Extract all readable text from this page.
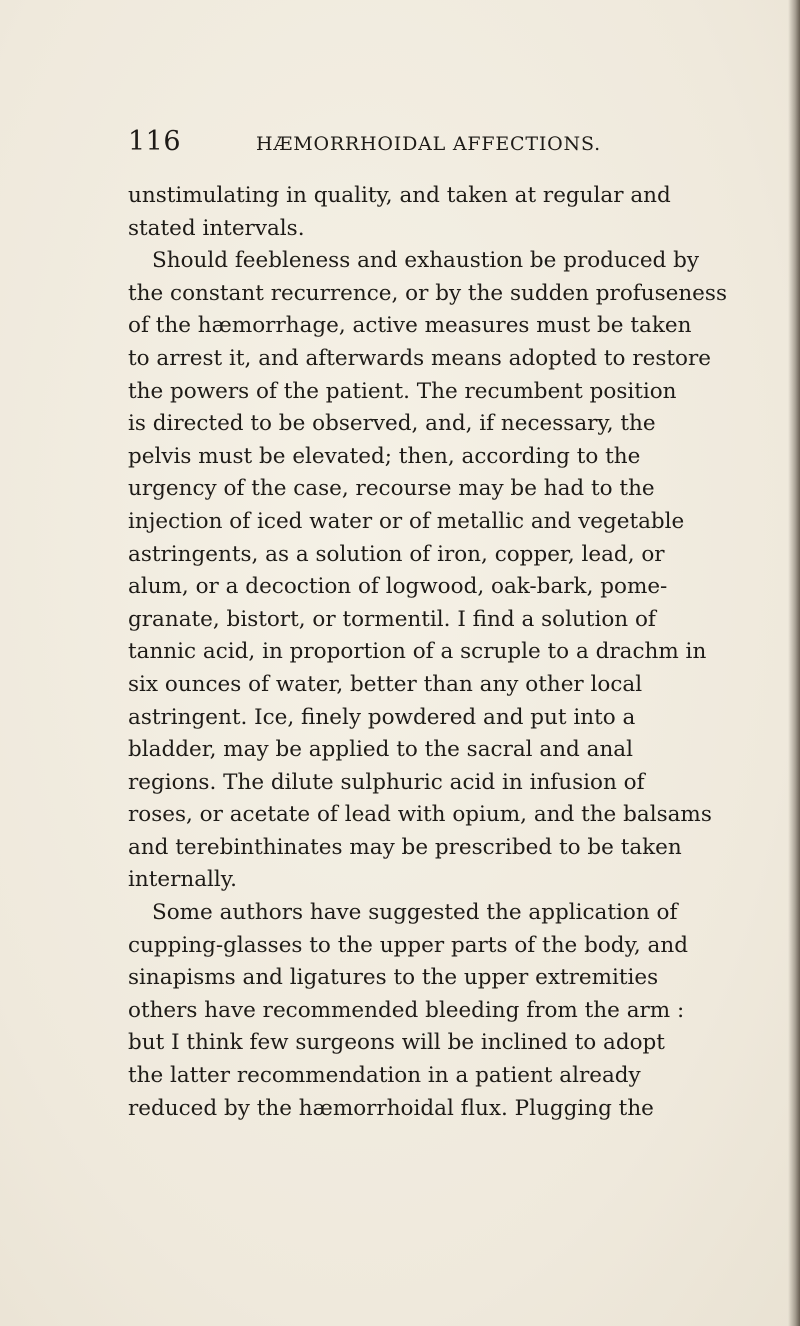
116	HÆMORRHOIDAL AFFECTIONS.
unstimulating in quality, and taken at regular and
stated intervals.
Should feebleness and exhaustion be produced by
the constant recurrence, or by the sudden profuseness
of the hæmorrhage, active measures must be taken
to arrest it, and afterwards means adopted to restore
the powers of the patient. The recumbent position
is directed to be observed, and, if necessary, the
pelvis must be elevated; then, according to the
urgency of the case, recourse may be had to the
injection of iced water or of metallic and vegetable
astringents, as a solution of iron, copper, lead, or
alum, or a decoction of logwood, oak-bark, pome-
granate, bistort, or tormentil. I find a solution of
tannic acid, in proportion of a scruple to a drachm in
six ounces of water, better than any other local
astringent. Ice, finely powdered and put into a
bladder, may be applied to the sacral and anal
regions. The dilute sulphuric acid in infusion of
roses, or acetate of lead with opium, and the balsams
and terebinthinates may be prescribed to be taken
internally.
Some authors have suggested the application of
cupping-glasses to the upper parts of the body, and
sinapisms and ligatures to the upper extremities
others have recommended bleeding from the arm :
but I think few surgeons will be inclined to adopt
the latter recommendation in a patient already
reduced by the hæmorrhoidal flux. Plugging the
